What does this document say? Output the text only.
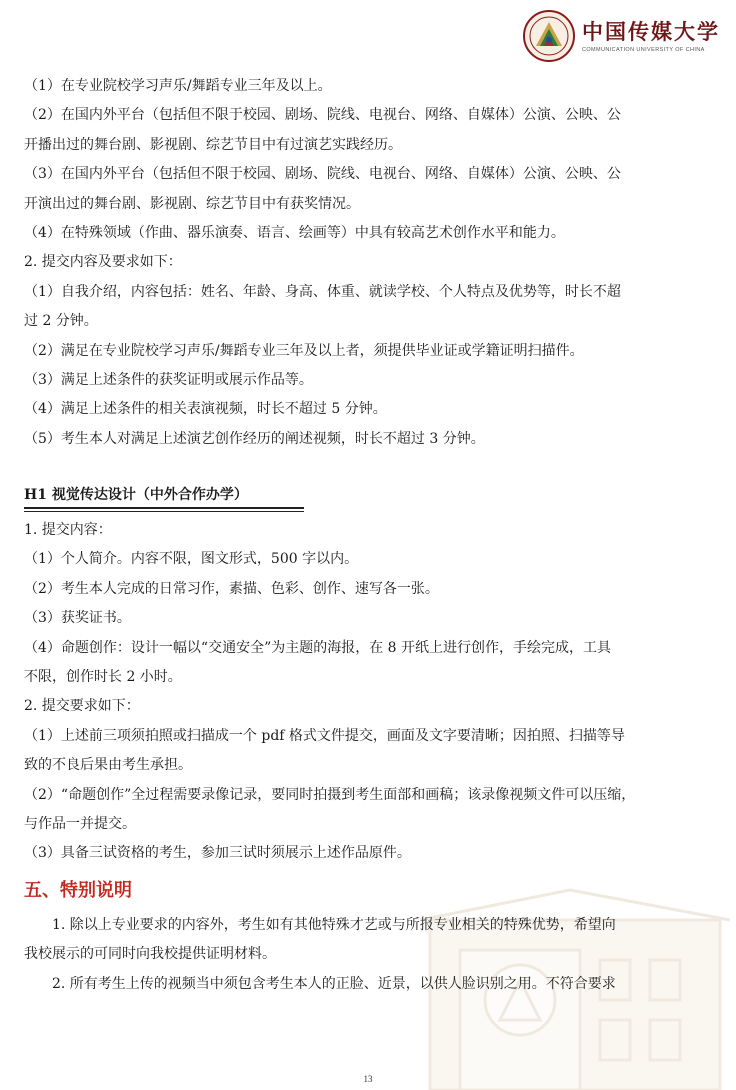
中国传媒大学
COMMUNICATION UNIVERSITY OF CHINA
（1）在专业院校学习声乐/舞蹈专业三年及以上。
（2）在国内外平台（包括但不限于校园、剧场、院线、电视台、网络、自媒体）公演、公映、公
开播出过的舞台剧、影视剧、综艺节目中有过演艺实践经历。
（3）在国内外平台（包括但不限于校园、剧场、院线、电视台、网络、自媒体）公演、公映、公
开演出过的舞台剧、影视剧、综艺节目中有获奖情况。
（4）在特殊领域（作曲、器乐演奏、语言、绘画等）中具有较高艺术创作水平和能力。
2. 提交内容及要求如下：
（1）自我介绍，内容包括：姓名、年龄、身高、体重、就读学校、个人特点及优势等，时长不超
过 2 分钟。
（2）满足在专业院校学习声乐/舞蹈专业三年及以上者，须提供毕业证或学籍证明扫描件。
（3）满足上述条件的获奖证明或展示作品等。
（4）满足上述条件的相关表演视频，时长不超过 5 分钟。
（5）考生本人对满足上述演艺创作经历的阐述视频，时长不超过 3 分钟。
H1 视觉传达设计（中外合作办学）
1. 提交内容：
（1）个人简介。内容不限，图文形式，500 字以内。
（2）考生本人完成的日常习作，素描、色彩、创作、速写各一张。
（3）获奖证书。
（4）命题创作：设计一幅以“交通安全”为主题的海报，在 8 开纸上进行创作，手绘完成，工具
不限，创作时长 2 小时。
2. 提交要求如下：
（1）上述前三项须拍照或扫描成一个 pdf 格式文件提交，画面及文字要清晰；因拍照、扫描等导
致的不良后果由考生承担。
（2）“命题创作”全过程需要录像记录，要同时拍摄到考生面部和画稿；该录像视频文件可以压缩，
与作品一并提交。
（3）具备三试资格的考生，参加三试时须展示上述作品原件。
五、特别说明
1. 除以上专业要求的内容外，考生如有其他特殊才艺或与所报专业相关的特殊优势，希望向
我校展示的可同时向我校提供证明材料。
2. 所有考生上传的视频当中须包含考生本人的正脸、近景，以供人脸识别之用。不符合要求
13
